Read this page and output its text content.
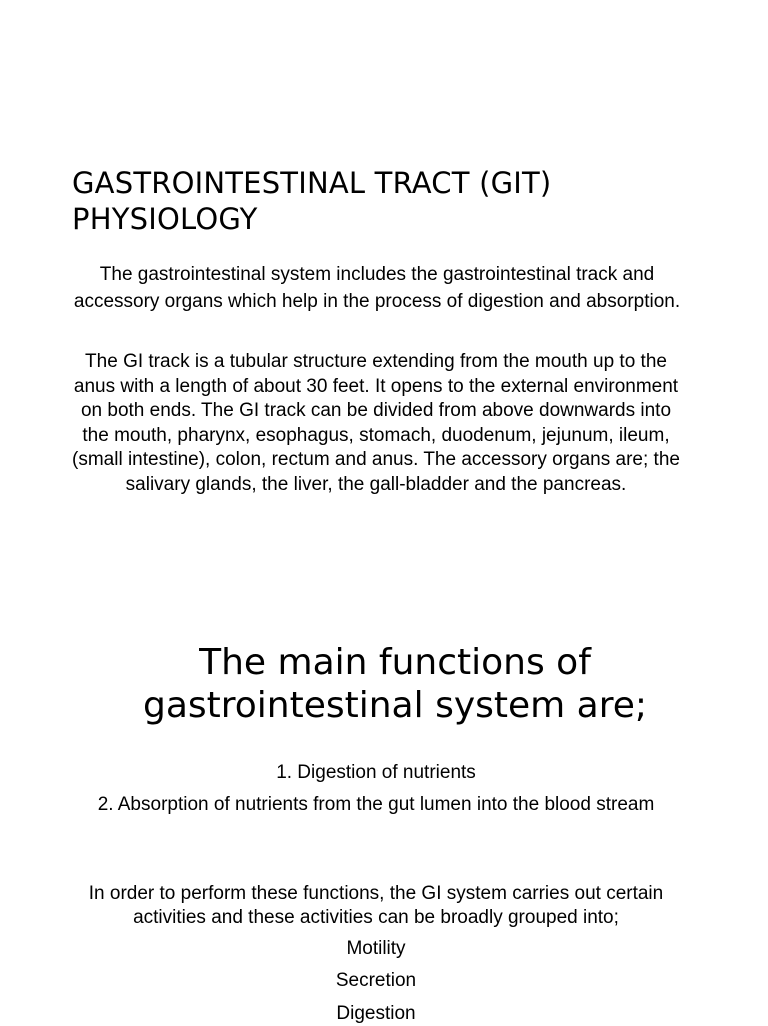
GASTROINTESTINAL TRACT (GIT)
PHYSIOLOGY

The gastrointestinal system includes the gastrointestinal track and accessory organs which help in the process of digestion and absorption.

The GI track is a tubular structure extending from the mouth up to the anus with a length of about 30 feet. It opens to the external environment on both ends. The GI track can be divided from above downwards into the mouth, pharynx, esophagus, stomach, duodenum, jejunum, ileum, (small intestine), colon, rectum and anus. The accessory organs are; the salivary glands, the liver, the gall-bladder and the pancreas.

The main functions of gastrointestinal system are;

1. Digestion of nutrients

2. Absorption of nutrients from the gut lumen into the blood stream

In order to perform these functions, the GI system carries out certain activities and these activities can be broadly grouped into;

Motility

Secretion

Digestion
